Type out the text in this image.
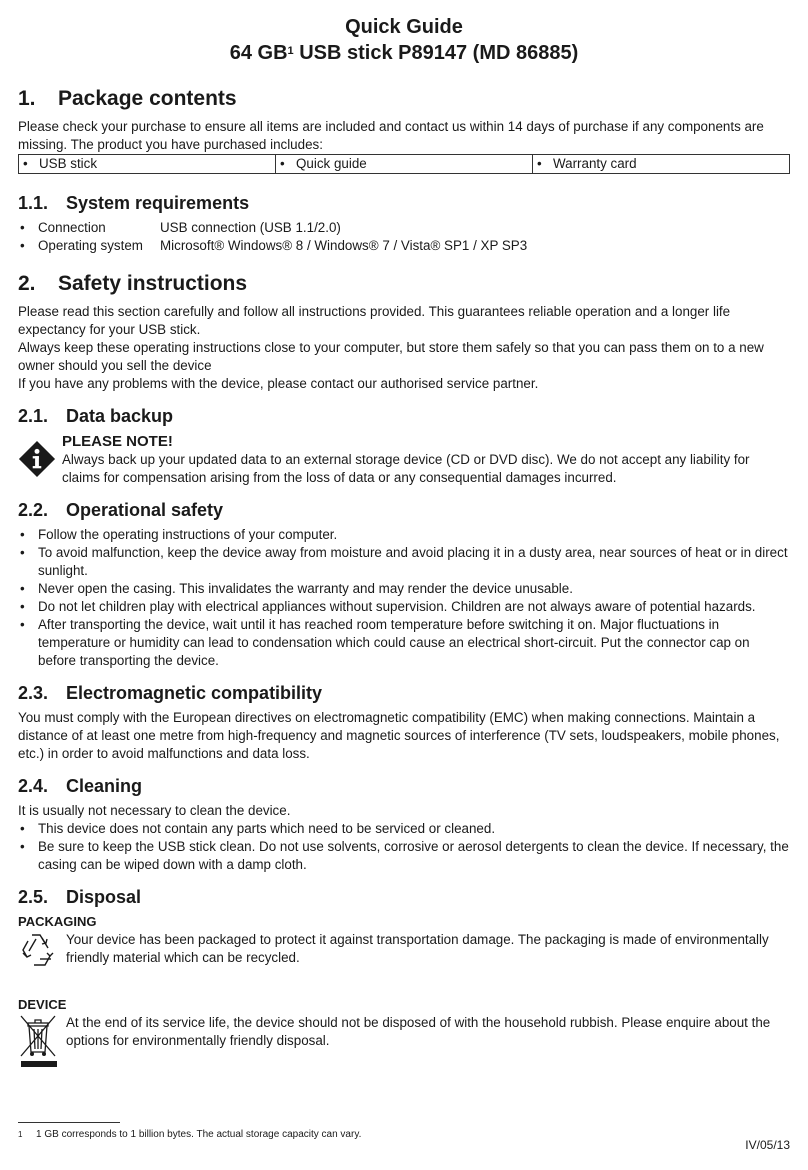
Quick Guide

64 $GB^1$ USB stick P89147 (MD 86885)

1.	Package contents

Please check your purchase to ensure all items are included and contact us within 14 days of purchase if any components are missing. The product you have purchased includes:

• USB stick	• Quick guide	• Warranty card
1.1. System requirements
• Connection	USB connection (USB 1.1/2.0)
• Operating system	Microsoft® Windows® 8 / Windows® 7 / Vista® SP1 / XP SP3
2.	Safety instructions

Please read this section carefully and follow all instructions provided. This guarantees reliable operation and a longer life expectancy for your USB stick.

Always keep these operating instructions close to your computer, but store them safely so that you can pass them on to a new owner should you sell the device

If you have any problems with the device, please contact our authorised service partner.

2.1. Data backup
PLEASE NOTE!

Always back up your updated data to an external storage device (CD or DVD disc). We do not accept any liability for claims for compensation arising from the loss of data or any consequential damages incurred.

2.2. Operational safety
• Follow the operating instructions of your computer.
• To avoid malfunction, keep the device away from moisture and avoid placing it in a dusty area, near sources of heat or in direct sunlight.
• Never open the casing. This invalidates the warranty and may render the device unusable.
• Do not let children play with electrical appliances without supervision. Children are not always aware of potential hazards.
• After transporting the device, wait until it has reached room temperature before switching it on. Major fluctuations in temperature or humidity can lead to condensation which could cause an electrical short-circuit. Put the connector cap on before transporting the device.
2.3. Electromagnetic compatibility

You must comply with the European directives on electromagnetic compatibility (EMC) when making connections. Maintain a distance of at least one metre from high-frequency and magnetic sources of interference (TV sets, loudspeakers, mobile phones, etc.) in order to avoid malfunctions and data loss.

2.4. Cleaning

It is usually not necessary to clean the device.

• This device does not contain any parts which need to be serviced or cleaned.
• Be sure to keep the USB stick clean. Do not use solvents, corrosive or aerosol detergents to clean the device. If necessary, the casing can be wiped down with a damp cloth.
2.5. Disposal
PACKAGING

Your device has been packaged to protect it against transportation damage. The packaging is made of environmentally friendly material which can be recycled.

DEVICE

At the end of its service life, the device should not be disposed of with the household rubbish. Please enquire about the options for environmentally friendly disposal.

1	1 GB corresponds to 1 billion bytes. The actual storage capacity can vary.
IV/05/13
